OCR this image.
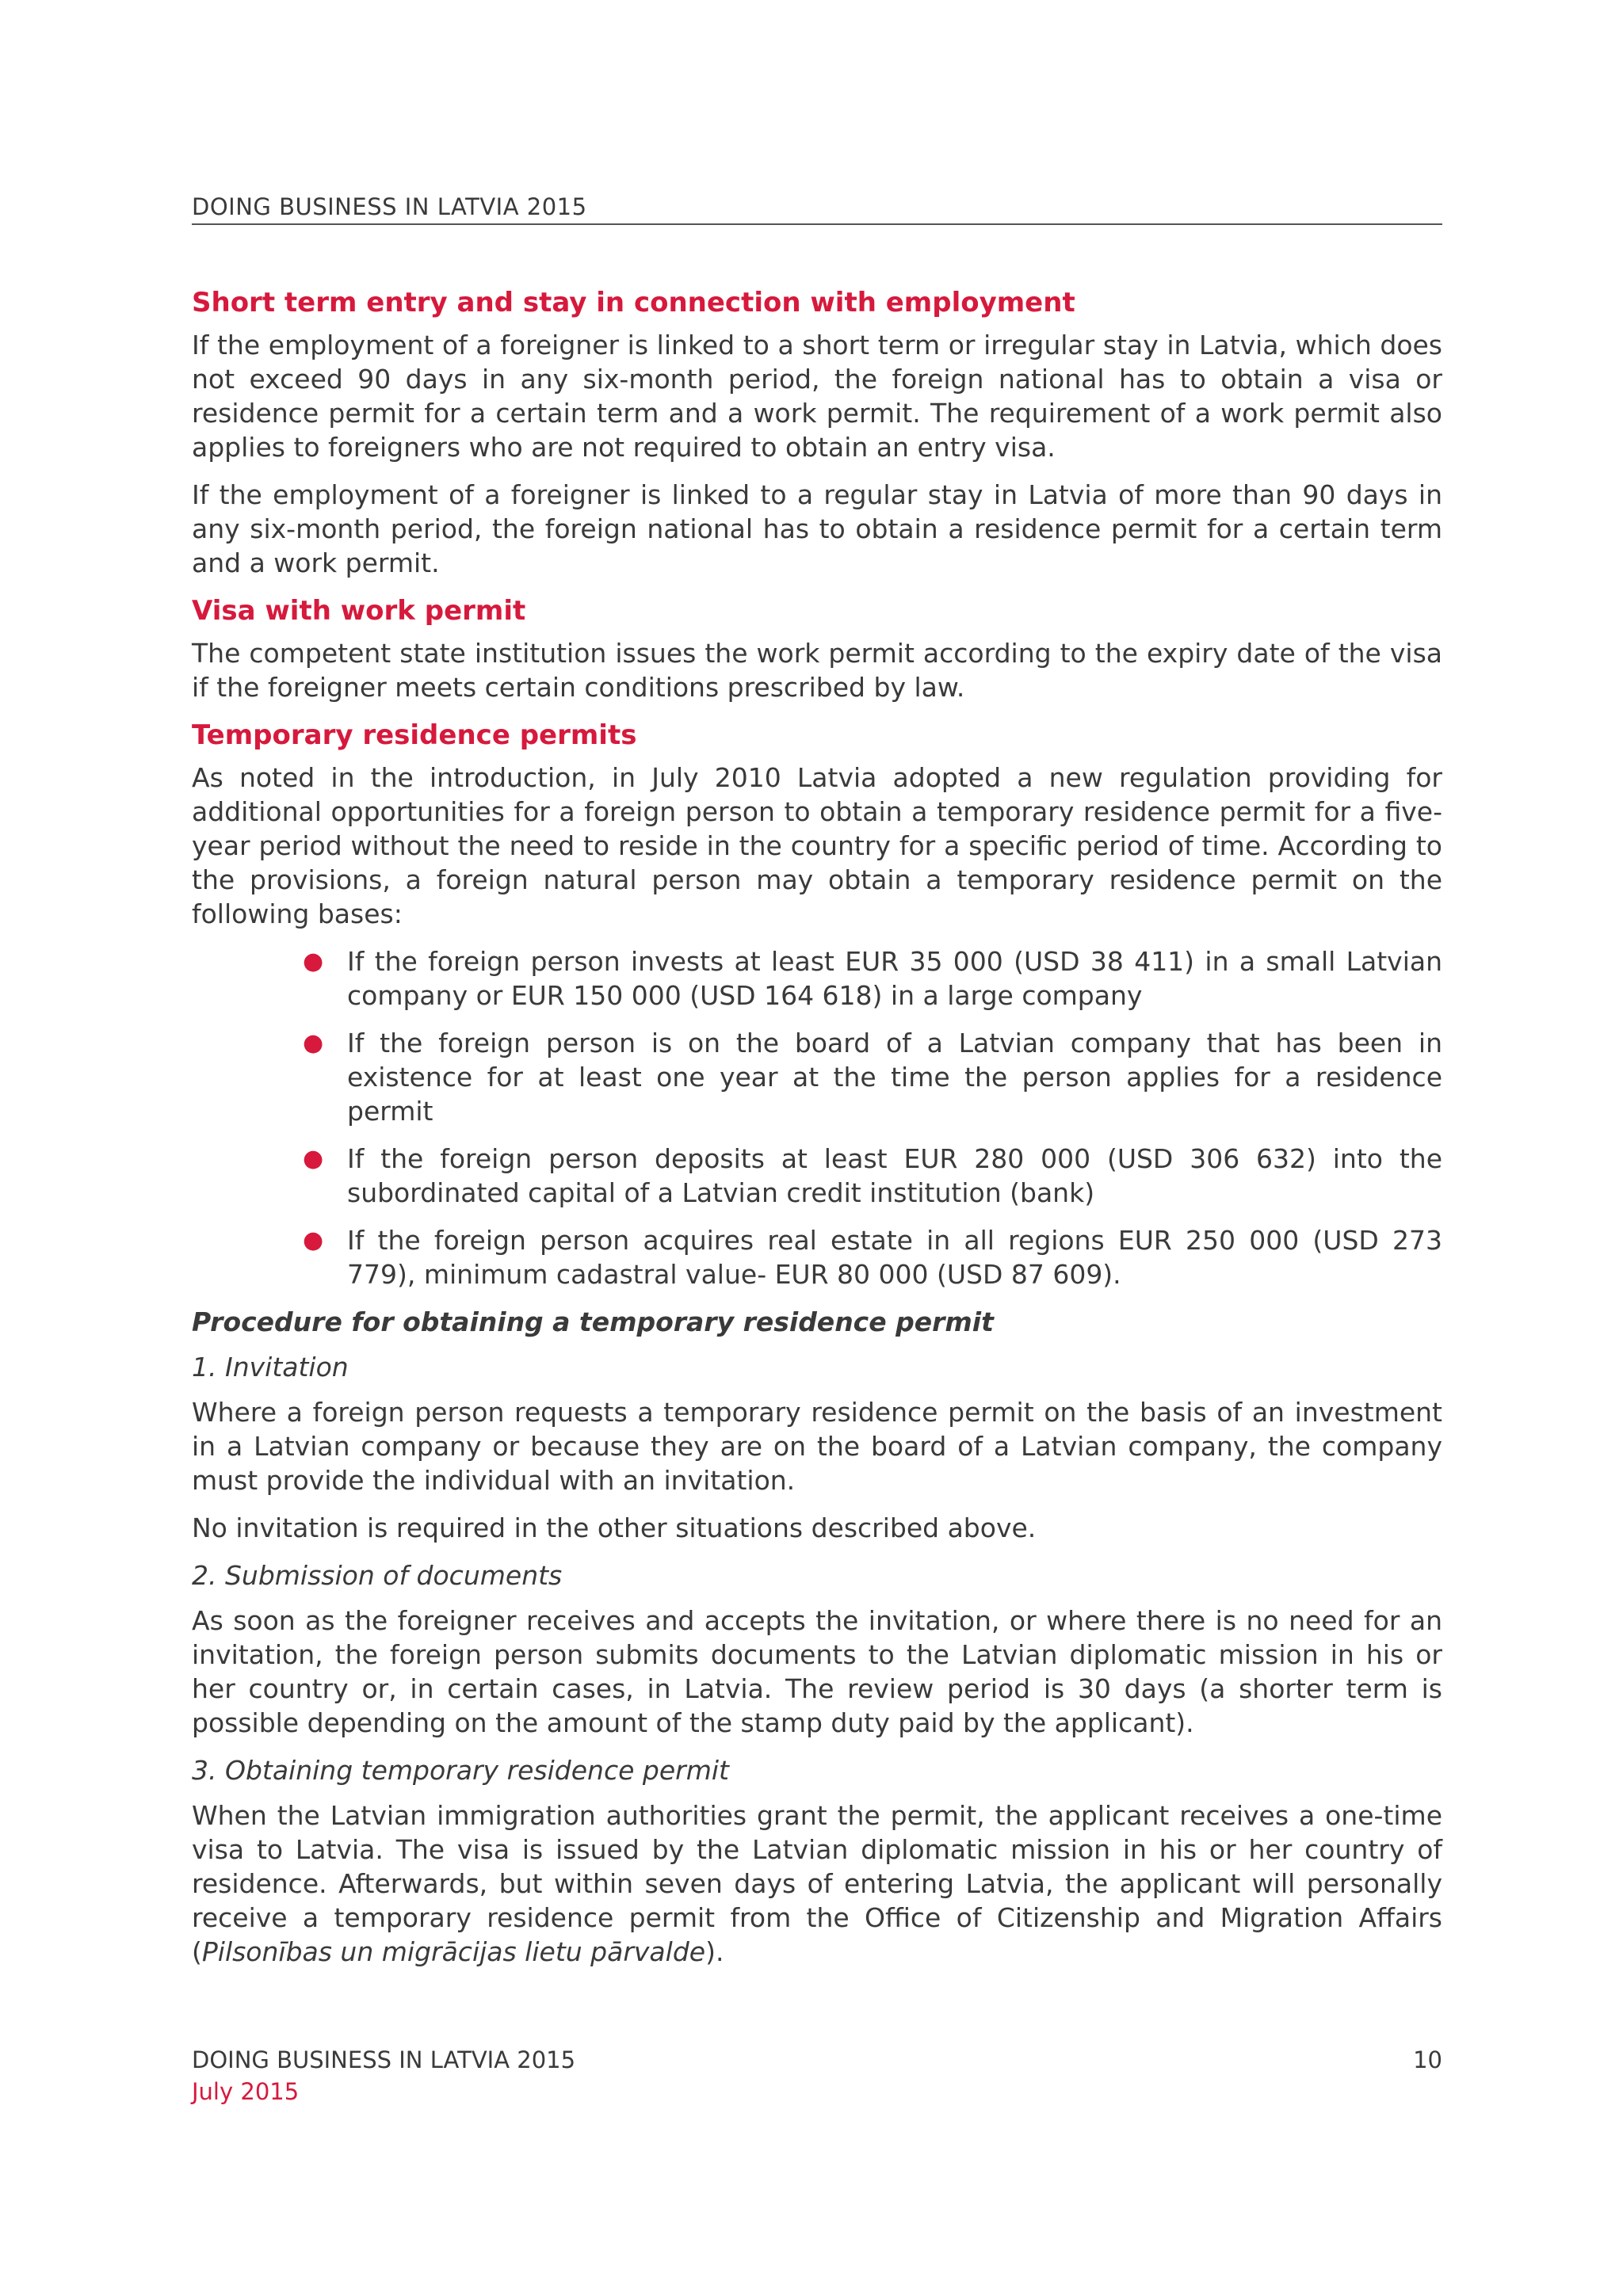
DOING BUSINESS IN LATVIA 2015
Short term entry and stay in connection with employment

If the employment of a foreigner is linked to a short term or irregular stay in Latvia, which does not exceed 90 days in any six-month period, the foreign national has to obtain a visa or residence permit for a certain term and a work permit. The requirement of a work permit also applies to foreigners who are not required to obtain an entry visa.

If the employment of a foreigner is linked to a regular stay in Latvia of more than 90 days in any six-month period, the foreign national has to obtain a residence permit for a certain term and a work permit.

Visa with work permit

The competent state institution issues the work permit according to the expiry date of the visa if the foreigner meets certain conditions prescribed by law.

Temporary residence permits

As noted in the introduction, in July 2010 Latvia adopted a new regulation providing for additional opportunities for a foreign person to obtain a temporary residence permit for a five-year period without the need to reside in the country for a specific period of time. According to the provisions, a foreign natural person may obtain a temporary residence permit on the following bases:

● If the foreign person invests at least EUR 35 000 (USD 38 411) in a small Latvian company or EUR 150 000 (USD 164 618) in a large company
● If the foreign person is on the board of a Latvian company that has been in existence for at least one year at the time the person applies for a residence permit
● If the foreign person deposits at least EUR 280 000 (USD 306 632) into the subordinated capital of a Latvian credit institution (bank)
● If the foreign person acquires real estate in all regions EUR 250 000 (USD 273 779), minimum cadastral value- EUR 80 000 (USD 87 609).

Procedure for obtaining a temporary residence permit

1. Invitation

Where a foreign person requests a temporary residence permit on the basis of an investment in a Latvian company or because they are on the board of a Latvian company, the company must provide the individual with an invitation.

No invitation is required in the other situations described above.

2. Submission of documents

As soon as the foreigner receives and accepts the invitation, or where there is no need for an invitation, the foreign person submits documents to the Latvian diplomatic mission in his or her country or, in certain cases, in Latvia. The review period is 30 days (a shorter term is possible depending on the amount of the stamp duty paid by the applicant).

3. Obtaining temporary residence permit

When the Latvian immigration authorities grant the permit, the applicant receives a one-time visa to Latvia. The visa is issued by the Latvian diplomatic mission in his or her country of residence. Afterwards, but within seven days of entering Latvia, the applicant will personally receive a temporary residence permit from the Office of Citizenship and Migration Affairs (Pilsonības un migrācijas lietu pārvalde).

DOING BUSINESS IN LATVIA 2015
July 2015
10
